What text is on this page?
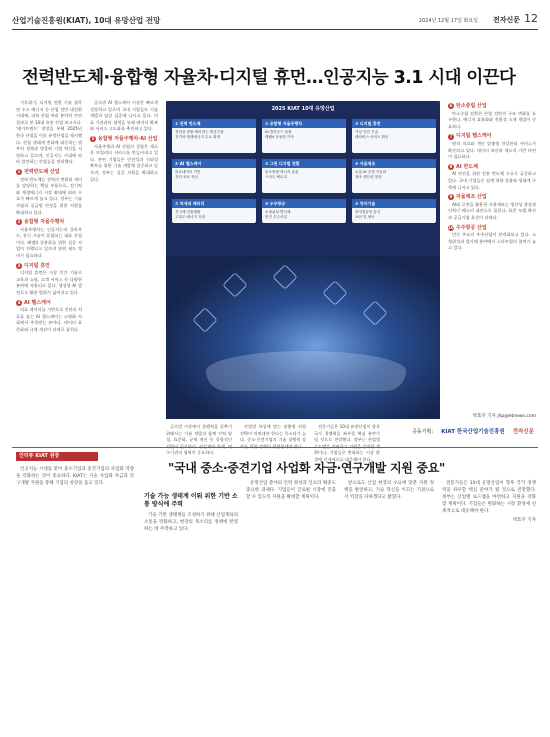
산업기술진흥원(KIAT), 10대 유망산업 전망	2024년 12월 17일 화요일 전자신문 12
전력반도체·융합형 자율차·디지털 휴먼…인공지능 3.1 시대 이끈다

기후위기, 디지털 전환 기술 접목 및 수소 에너지 등 산업 전반 대전환 시대에, 과학 산업 여러 분야의 진단 결과로 본 10대 유망 산업 보고서다. '메가트렌드' 전망을 통해 2025년 한국 산업을 이끌 유망산업을 제시했다. 산업 생태계 변화에 대응하는 범부처 정책과 맞물려 기업 혁신을 지원하고 있으며, 인공지능 시대에 따라 발전하는 산업들을 정리했다.

1 전력반도체 산업

전력 반도체는 전력의 변환과 제어를 담당하는 핵심 부품으로, 전기차와 재생에너지 시장 확대에 따라 수요가 빠르게 늘고 있다. 정부는 기술 자립과 공급망 안정을 위한 지원을 확대하고 있다.

2 융합형 자율주행차

자율주행차는 인공지능과 클라우드, 통신 기술이 융합되는 대표 산업이다. 레벨4 상용화를 위한 실증 사업이 진행되고 있으며 관련 제도 정비가 필요하다.

3 디지털 휴먼

디지털 휴먼은 가상 인간 기술로 교육과 쇼핑, 고객 서비스 등 다양한 분야에 적용되고 있다. 생성형 AI 발전으로 활용 범위가 넓어지고 있다.

4 AI 헬스케어

의료 데이터를 기반으로 진단과 치료를 돕는 AI 헬스케어는 고령화 사회에서 주목받는 분야다. 데이터 표준화와 규제 개선이 과제로 꼽힌다.

글로벌 AI 헬스케어 시장은 빠르게 성장하고 있으며 국내 기업들도 기술 개발과 임상 검증에 나서고 있다. 의료 기관과의 협력을 통해 데이터 확보와 서비스 고도화를 추진하고 있다.

5 융합형 자율주행차·AI 산업

자율주행과 AI 산업의 결합은 새로운 모빌리티 서비스를 만들어내고 있다. 관련 기업들은 안전성과 신뢰성 확보를 위한 기술 개발에 집중하고 있으며, 정부는 실증 지원을 확대하고 있다.

2025 KIAT 10대 유망산업
① 전력 반도체
전력을 변환·제어하는 핵심부품
전기차·재생에너지 수요 확대
② 융합형 자율주행차
AI·클라우드 융합
레벨4 상용화 가속
③ 디지털 휴먼
가상 인간 기술
메타버스·서비스 확산
④ AI 헬스케어
의료데이터 기반
진단·치료 혁신
⑤ 그린 디지털 전환
탄소중립·에너지 효율
스마트 팩토리
⑥ 자율제조
로봇·AI 공정 자동화
제조 생산성 향상
⑦ 차세대 배터리
전고체·리튬메탈
고밀도 에너지 저장
⑧ 우주항공
소형위성·발사체
민간 우주산업
⑨ 양자기술
양자컴퓨팅·통신
보안 및 센서
6 탄소중립 산업

탄소중립 전환은 산업 전반의 구조 변화를 요구한다. 에너지 효율화와 친환경 소재 개발이 중요하다.

7 디지털 헬스케어

원격 의료와 개인 맞춤형 건강관리 서비스가 확산되고 있다. 데이터 보안과 제도적 기반 마련이 필요하다.

8 AI 반도체

AI 연산을 위한 전용 반도체 수요가 급증하고 있다. 국내 기업들은 설계 역량 강화와 생태계 구축에 나서고 있다.

9 자율제조 산업

AI와 로봇을 활용한 자율제조는 생산성 향상과 인력난 해소의 대안으로 꼽힌다. 표준 모델 확산과 공급기업 육성이 과제다.

10 우주항공 산업

민간 주도의 우주산업이 본격화되고 있다. 소형위성과 발사체 분야에서 스타트업의 참여가 늘고 있다.

박효주 기자 jhp@etnews.com

글로벌 시장에서 경쟁력을 갖추기 위해서는 기술 개발과 함께 인력 양성, 표준화, 규제 개선 등 종합적인 지원이 필요하다. 산업계와 학계, 연구기관의 협력이 중요하다.

산업별 특성에 맞는 맞춤형 지원 전략이 마련돼야 한다는 목소리가 높다. 중소·중견기업의 기술 경쟁력 강화를 위한 정책이 뒷받침돼야 한다.

전문가들은 10대 유망산업이 향후 국가 경쟁력을 좌우할 핵심 분야가 될 것으로 전망했다. 정부는 산업별 로드맵을 마련하고 지원을 강화할 계획이다. 기업들은 변화하는 시장 환경에 선제적으로 대응해야 한다.

공동기획: KIAT 한국산업기술진흥원 전자신문
인터뷰 KIAT 원장
"국내 중소·중견기업 사업화 자금·연구개발 지원 중요"

인공지능 시대를 맞아 중소기업과 중견기업의 사업화 역량을 강화하는 것이 중요하다. KIAT는 기술 사업화 자금과 연구개발 지원을 통해 기업의 성장을 돕고 있다.

기술 가능 생태계 이뤄 위한 기반 소통 방식에 주력

기술 기반 생태계를 조성하기 위해 산업계와의 소통을 강화하고, 현장의 목소리를 정책에 반영하는 데 주력하고 있다.

유망산업 분야의 인력 양성과 인프라 확충도 중요한 과제다. 기업들이 글로벌 시장에 진출할 수 있도록 지원을 확대할 계획이다.

앞으로도 산업 현장의 수요에 맞춘 지원 정책을 발굴하고, 기술 혁신을 이끄는 기관으로서 역할을 다하겠다고 밝혔다.

전문가들은 10대 유망산업이 향후 국가 경쟁력을 좌우할 핵심 분야가 될 것으로 전망했다. 정부는 산업별 로드맵을 마련하고 지원을 강화할 계획이다. 기업들은 변화하는 시장 환경에 선제적으로 대응해야 한다.

박효주 기자
